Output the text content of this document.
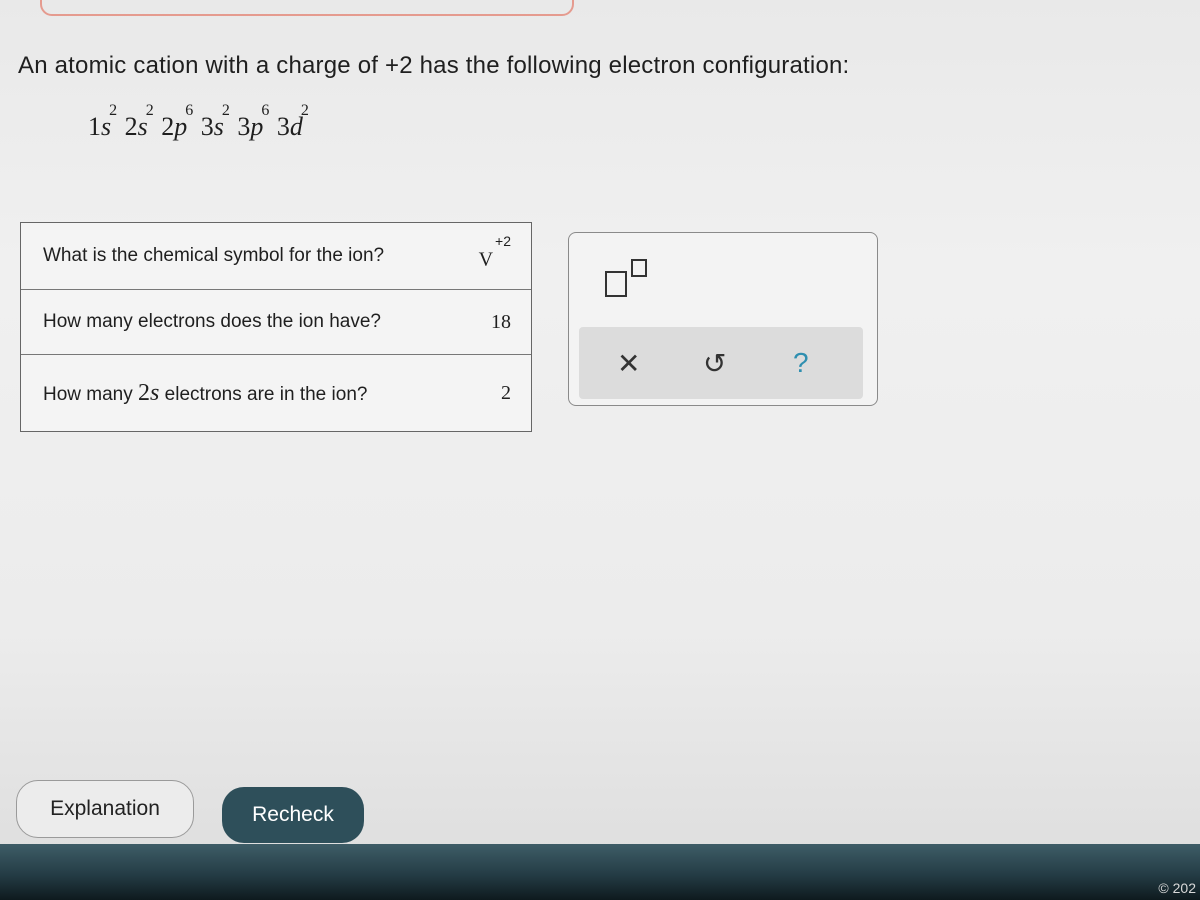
An atomic cation with a charge of +2 has the following electron configuration:
$1s^2$ $2s^2$ $2p^6$ $3s^2$ $3p^6$ $3d^2$
What is the chemical symbol for the ion?	$V^{+2}$
How many electrons does the ion have?	18
How many 2s electrons are in the ion?	2
✕ ↺ ?
Explanation	Recheck
© 202
